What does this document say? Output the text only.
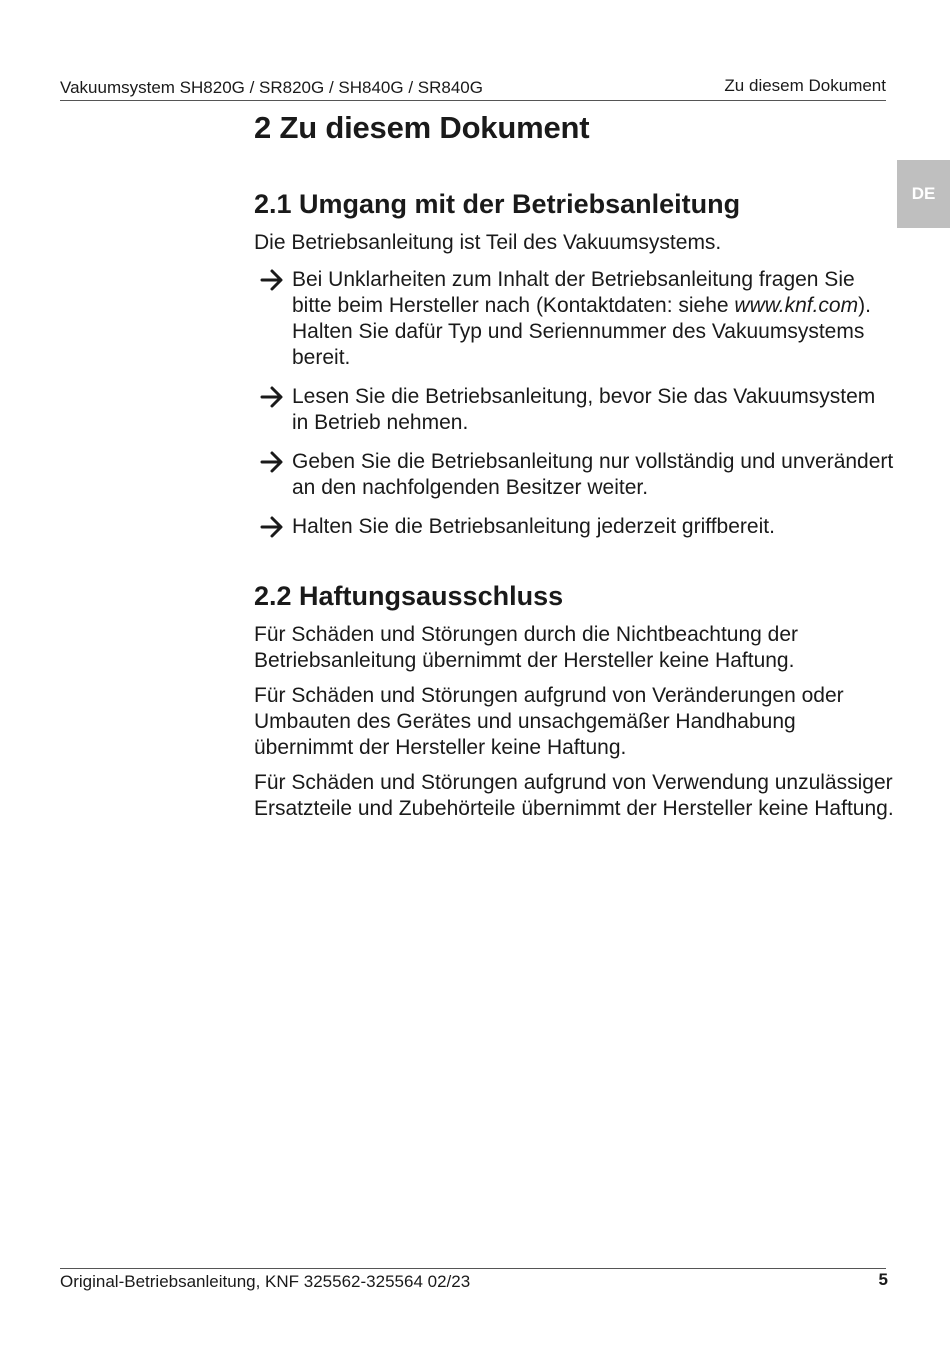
Vakuumsystem SH820G / SR820G / SH840G / SR840G	Zu diesem Dokument
DE
2 Zu diesem Dokument
2.1 Umgang mit der Betriebsanleitung

Die Betriebsanleitung ist Teil des Vakuumsystems.

Bei Unklarheiten zum Inhalt der Betriebsanleitung fragen Sie bitte beim Hersteller nach (Kontaktdaten: siehe www.knf.com). Halten Sie dafür Typ und Seriennummer des Vakuumsystems bereit.
Lesen Sie die Betriebsanleitung, bevor Sie das Vakuumsystem in Betrieb nehmen.
Geben Sie die Betriebsanleitung nur vollständig und unverändert an den nachfolgenden Besitzer weiter.
Halten Sie die Betriebsanleitung jederzeit griffbereit.
2.2 Haftungsausschluss

Für Schäden und Störungen durch die Nichtbeachtung der Betriebsanleitung übernimmt der Hersteller keine Haftung.

Für Schäden und Störungen aufgrund von Veränderungen oder Umbauten des Gerätes und unsachgemäßer Handhabung übernimmt der Hersteller keine Haftung.

Für Schäden und Störungen aufgrund von Verwendung unzulässiger Ersatzteile und Zubehörteile übernimmt der Hersteller keine Haftung.

Original-Betriebsanleitung, KNF 325562-325564 02/23	5
